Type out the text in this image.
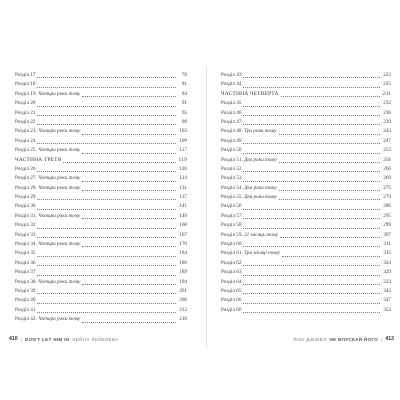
Розділ 17	78
Розділ 18	81
Розділ 19. Чотири роки тому	84
Розділ 20	91
Розділ 21	95
Розділ 22	98
Розділ 23. Чотири роки тому	103
Розділ 24	109
Розділ 25. Чотири роки тому	117
ЧАСТИНА ТРЕТЯ	119
Розділ 26	120
Розділ 27. Чотири роки тому	124
Розділ 28. Чотири роки тому	131
Розділ 29	137
Розділ 30	141
Розділ 31. Чотири роки тому	148
Розділ 32	160
Розділ 33	167
Розділ 34. Чотири роки тому	170
Розділ 35	184
Розділ 36	186
Розділ 37	189
Розділ 38. Чотири роки тому	194
Розділ 39	201
Розділ 40	206
Розділ 41	212
Розділ 42. Чотири роки тому	216
410 | DON'T LET HIM IN ЛЕЙЛА ЛЕЙКЛЕВА
Розділ 43	222
Розділ 44	225
ЧАСТИНА ЧЕТВЕРТА	231
Розділ 45	232
Розділ 46	236
Розділ 47	239
Розділ 48. Три роки тому	243
Розділ 49	247
Розділ 50	253
Розділ 51. Два роки тому	256
Розділ 52	266
Розділ 53	269
Розділ 54. Два роки тому	275
Розділ 55. Два роки тому	279
Розділ 56	286
Розділ 57	295
Розділ 58	299
Розділ 59. 21 місяць тому	307
Розділ 60	311
Розділ 61. Три місяці тому	315
Розділ 62	324
Розділ 63	329
Розділ 64	333
Розділ 65	343
Розділ 66	347
Розділ 66	353
ЛІЗА ДЖЮЕЛ НЕ ВПУСКАЙ ЙОГО | 413
